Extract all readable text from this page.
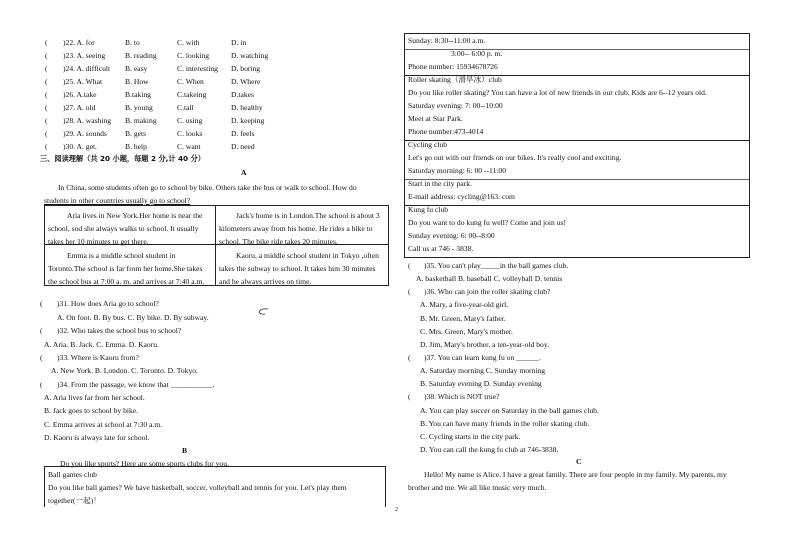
( )22. A. for	B. to	C. with	D. in
( )23. A. seeing	B. reading	C. looking	D. watching
( )24. A. difficult B. easy	C. interesting D. boring
( )25. A. What	B. How	C. When	D. Where
( )26. A.take	B.taking	C.takeing	D.takes
( )27. A. old	B. young	C.tall	D. healthy
( )28. A. washing B. making	C. using	D. keeping
( )29. A. sounds B. gets	C. looks	D. feels
( )30. A. get.	B. help	C. want	D. need
三、阅读理解（共 20 小题，每题 2 分,计 40 分）
A
In China, some students often go to school by bike. Others take the bus or walk to school. How do
students in other countries usually go to school?
Aria lives in New York.Her home is near the
school, sod she always walks to school. It usually
takes her 10 minutes to get there.
Jack's home is in London.The school is about 3
kilometers away from his home. He rides a bike to
school. The bike ride takes 20 minutes.
Emma is a middle school student in
Toronto.The school is far from her home.She takes
the school bus at 7:00 a. m. and arrives at 7:40 a.m.
Kaoru, a middle school student in Tokyo ,often
takes the subway to school. It takes him 30 minutes
and he always arrives on time.
( )31. How does Aria go to school?
A. On foot. B. By bus. C. By bike. D. By subway.
( )32. Who takes the school bus to school?
A. Aria. B. Jack. C. Emma. D. Kaoru.
( )33. Where is Kaoru from?
A. New York. B. London. C. Toronto. D. Tokyo.
( )34. From the passage, we know that ___________.
A. Aria lives far from her school.
B. Jack goes to school by bike.
C. Emma arrives at school at 7:30 a.m.
D. Kaoru is always late for school.
B
Do you like sports? Here are some sports clubs for you.
Ball games club
Do you like ball games? We have basketball, soccer, volleyball and tennis for you. Let's play them
together(一起)！
Sunday: 8:30--11:00 a.m.
3:00-- 6:00 p. m.
Phone number: 15934678726
Roller skating（滑旱冰）club
Do you like roller skating? You can have a lot of new friends in our club. Kids are 6--12 years old.
Saturday evening: 7: 00--10:00
Meet at Star Park.
Phone number:473-4014
Cycling club
Let's go out with our friends on our bikes. It's really cool and exciting.
Saturday morning: 6: 00 --11:00
Start in the city park.
E-mail address: cycling@163. com
Kung fu club
Do you want to do kung fu well? Come and join us!
Sunday evening: 6: 00--8:00
Call us at 746 - 3838.
( )35. You can't play_____in the ball games club.
A. basketball B. baseball C. volleyball D. tennis
( )36. Who can join the roller skating club?
A. Mary, a five-year-old girl.
B. Mr. Green, Mary's father.
C. Mrs. Green, Mary's mother.
D. Jim, Mary's brother, a ten-year-old boy.
( )37. You can learn kung fu on ______.
A. Saturday morning C. Sunday morning
B. Saturday evening D. Sunday evening
( )38. Which is NOT true?
A. You can play soccer on Saturday in the ball games club.
B. You can have many friends in the roller skating club.
C. Cycling starts in the city park.
D. You can call the kung fu club at 746-3838.
C
Hello! My name is Alice. I have a great family. There are four people in my family. My parents, my
brother and me. We all like music very much.
2
